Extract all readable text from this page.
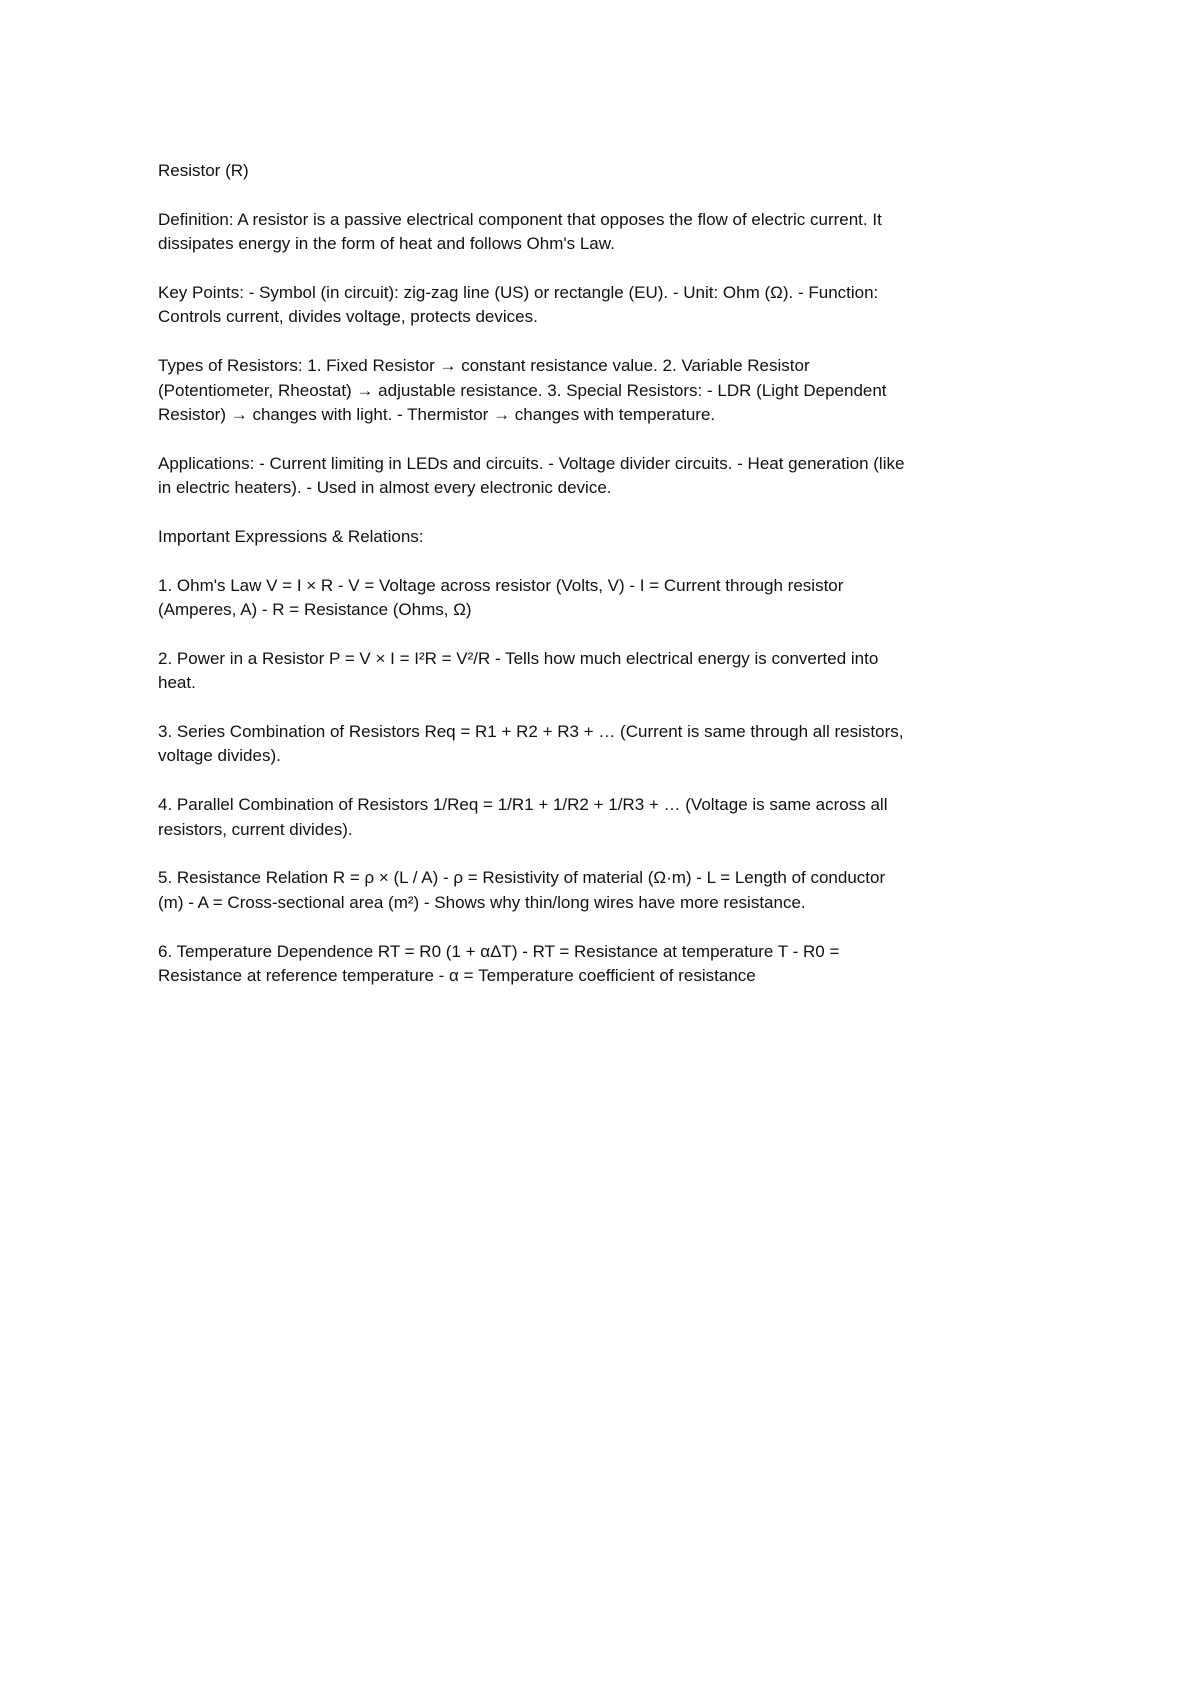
Resistor (R)

Definition: A resistor is a passive electrical component that opposes the flow of electric current. It
dissipates energy in the form of heat and follows Ohm's Law.

Key Points: - Symbol (in circuit): zig-zag line (US) or rectangle (EU). - Unit: Ohm (Ω). - Function:
Controls current, divides voltage, protects devices.

Types of Resistors: 1. Fixed Resistor → constant resistance value. 2. Variable Resistor
(Potentiometer, Rheostat) → adjustable resistance. 3. Special Resistors: - LDR (Light Dependent
Resistor) → changes with light. - Thermistor → changes with temperature.

Applications: - Current limiting in LEDs and circuits. - Voltage divider circuits. - Heat generation (like
in electric heaters). - Used in almost every electronic device.

Important Expressions & Relations:

1. Ohm's Law V = I × R - V = Voltage across resistor (Volts, V) - I = Current through resistor
(Amperes, A) - R = Resistance (Ohms, Ω)

2. Power in a Resistor P = V × I = I²R = V²/R - Tells how much electrical energy is converted into
heat.

3. Series Combination of Resistors Req = R1 + R2 + R3 + … (Current is same through all resistors,
voltage divides).

4. Parallel Combination of Resistors 1/Req = 1/R1 + 1/R2 + 1/R3 + … (Voltage is same across all
resistors, current divides).

5. Resistance Relation R = ρ × (L / A) - ρ = Resistivity of material (Ω·m) - L = Length of conductor
(m) - A = Cross-sectional area (m²) - Shows why thin/long wires have more resistance.

6. Temperature Dependence RT = R0 (1 + αΔT) - RT = Resistance at temperature T - R0 =
Resistance at reference temperature - α = Temperature coefficient of resistance
